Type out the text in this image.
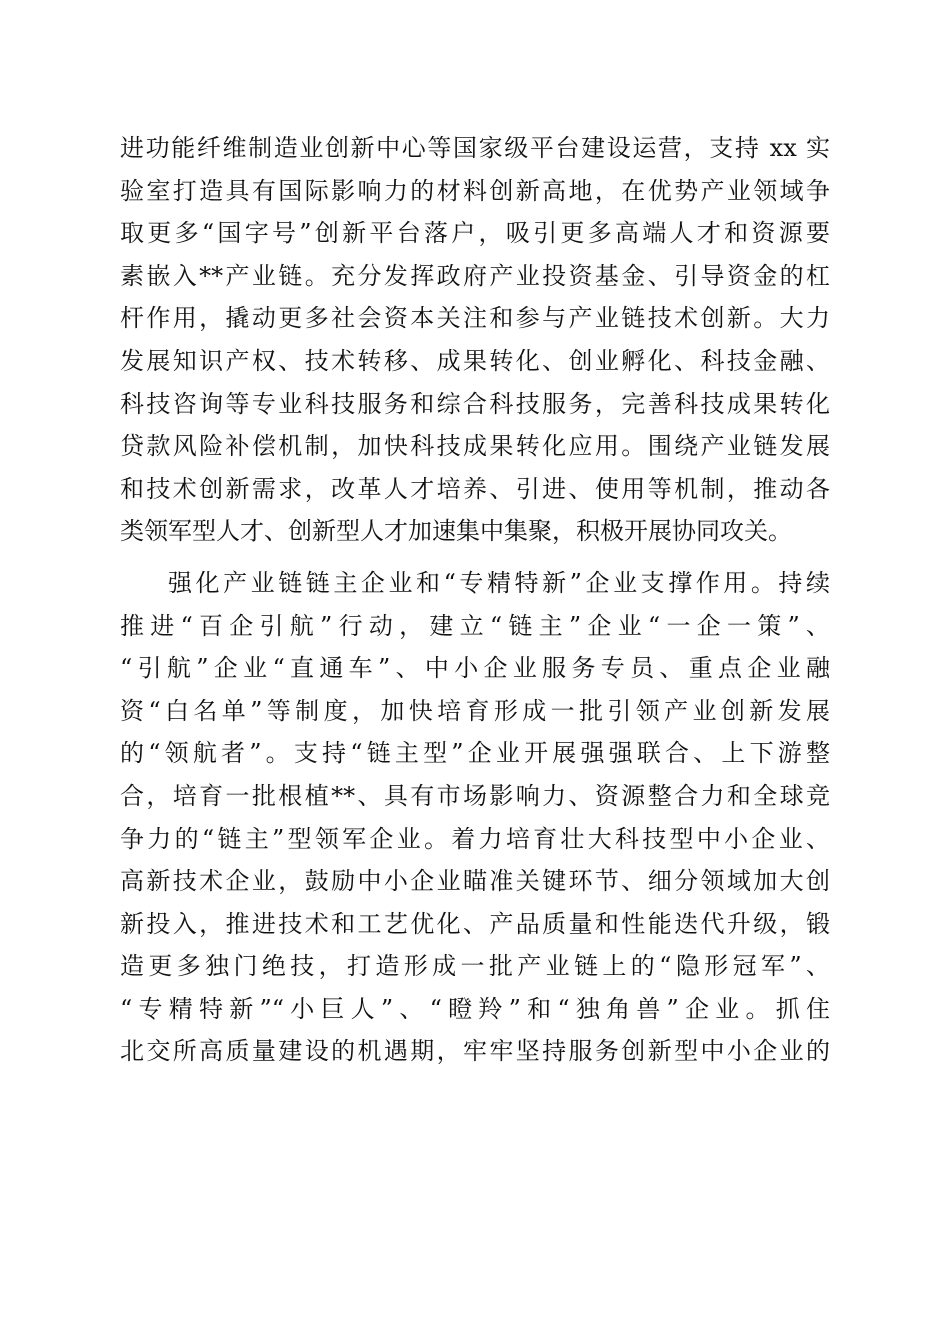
进功能纤维制造业创新中心等国家级平台建设运营，支持 xx 实
验室打造具有国际影响力的材料创新高地，在优势产业领域争
取更多“国字号”创新平台落户，吸引更多高端人才和资源要
素嵌入**产业链。充分发挥政府产业投资基金、引导资金的杠
杆作用，撬动更多社会资本关注和参与产业链技术创新。大力
发展知识产权、技术转移、成果转化、创业孵化、科技金融、
科技咨询等专业科技服务和综合科技服务，完善科技成果转化
贷款风险补偿机制，加快科技成果转化应用。围绕产业链发展
和技术创新需求，改革人才培养、引进、使用等机制，推动各
类领军型人才、创新型人才加速集中集聚，积极开展协同攻关。
强化产业链链主企业和“专精特新”企业支撑作用。持续
推进“百企引航”行动，建立“链主”企业“一企一策”、
“引航”企业“直通车”、中小企业服务专员、重点企业融
资“白名单”等制度，加快培育形成一批引领产业创新发展
的“领航者”。支持“链主型”企业开展强强联合、上下游整
合，培育一批根植**、具有市场影响力、资源整合力和全球竞
争力的“链主”型领军企业。着力培育壮大科技型中小企业、
高新技术企业，鼓励中小企业瞄准关键环节、细分领域加大创
新投入，推进技术和工艺优化、产品质量和性能迭代升级，锻
造更多独门绝技，打造形成一批产业链上的“隐形冠军”、
“专精特新”“小巨人”、“瞪羚”和“独角兽”企业。抓住
北交所高质量建设的机遇期，牢牢坚持服务创新型中小企业的
